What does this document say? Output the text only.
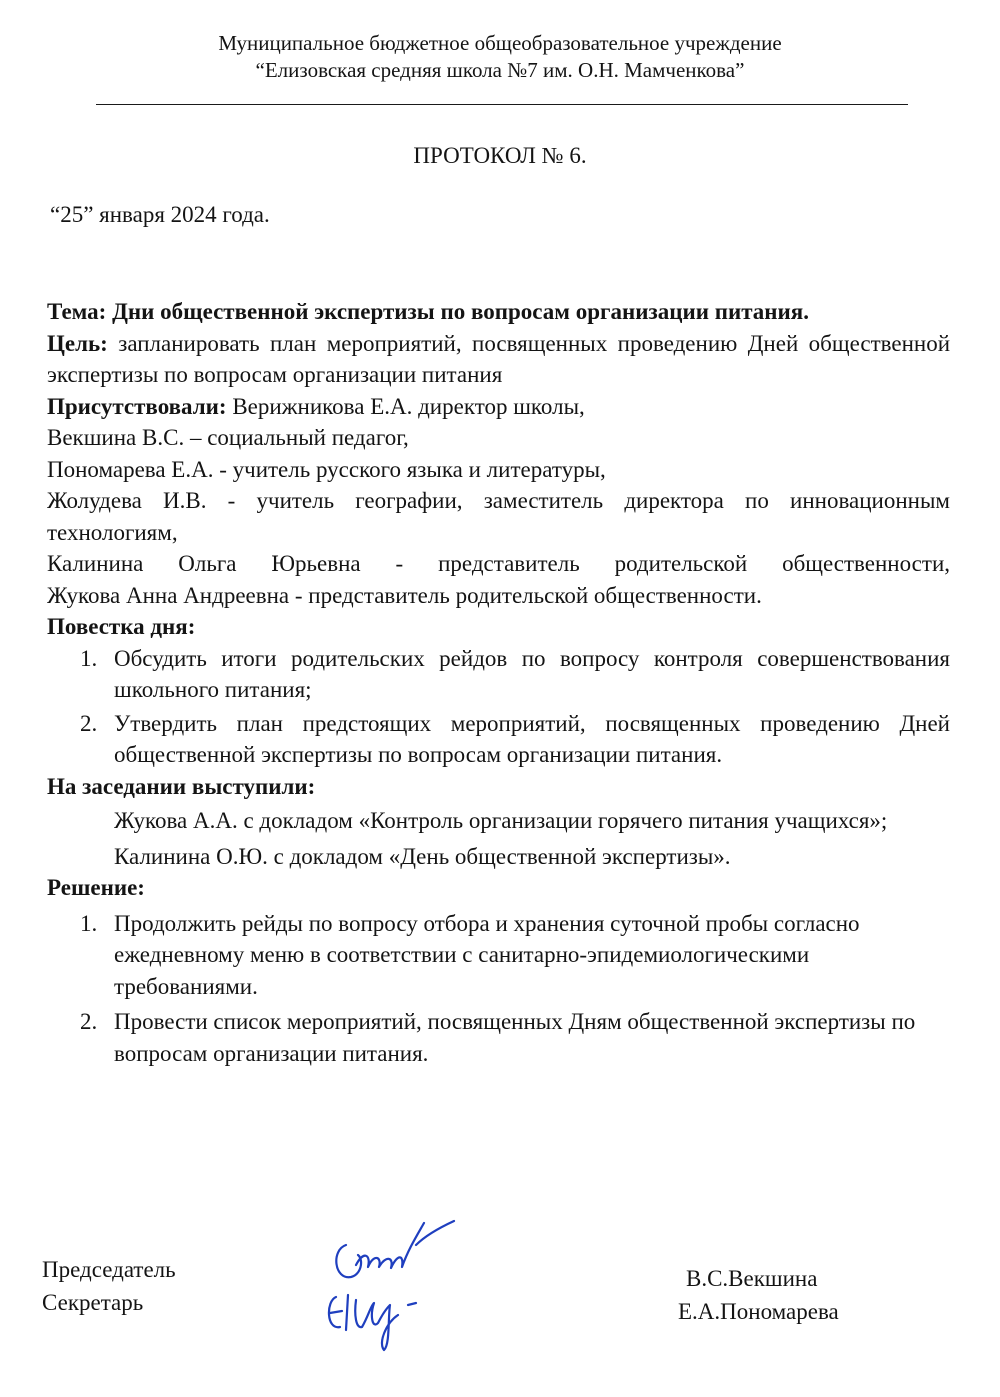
Муниципальное бюджетное общеобразовательное учреждение
“Елизовская средняя школа №7 им. О.Н. Мамченкова”
ПРОТОКОЛ № 6.
“25” января 2024 года.

Тема: Дни общественной экспертизы по вопросам организации питания.

Цель: запланировать план мероприятий, посвященных проведению Дней общественной экспертизы по вопросам организации питания

Присутствовали: Верижникова Е.А. директор школы,

Векшина В.С. – социальный педагог,

Пономарева Е.А. - учитель русского языка и литературы,

Жолудева И.В. - учитель географии, заместитель директора по инновационным технологиям,

Калинина Ольга Юрьевна - представитель родительской общественности,

Жукова Анна Андреевна - представитель родительской общественности.

Повестка дня:

1. Обсудить итоги родительских рейдов по вопросу контроля совершенствования школьного питания;
2. Утвердить план предстоящих мероприятий, посвященных проведению Дней общественной экспертизы по вопросам организации питания.

На заседании выступили:

Жукова А.А. с докладом «Контроль организации горячего питания учащихся»;

Калинина О.Ю. с докладом «День общественной экспертизы».

Решение:

1. Продолжить рейды по вопросу отбора и хранения суточной пробы согласно ежедневному меню в соответствии с санитарно-эпидемиологическими требованиями.
2. Провести список мероприятий, посвященных Дням общественной экспертизы по вопросам организации питания.
Председатель
Секретарь
В.С.Векшина
Е.А.Пономарева
